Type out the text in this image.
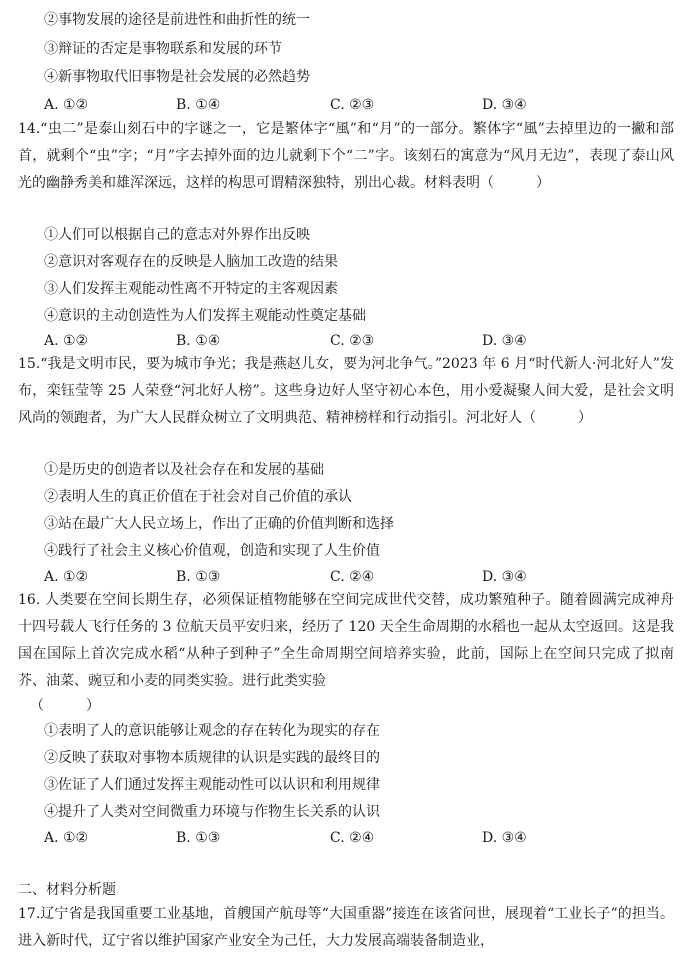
②事物发展的途径是前进性和曲折性的统一
③辩证的否定是事物联系和发展的环节
④新事物取代旧事物是社会发展的必然趋势
A. ①②	B. ①④	C. ②③	D. ③④
14.“虫二”是泰山刻石中的字谜之一，它是繁体字“風”和“月”的一部分。繁体字“風”去掉里边的一撇和部首，就剩个“虫”字；“月”字去掉外面的边儿就剩下个“二”字。该刻石的寓意为“风月无边”，表现了泰山风光的幽静秀美和雄浑深远，这样的构思可谓精深独特，别出心裁。材料表明（　　　）
①人们可以根据自己的意志对外界作出反映
②意识对客观存在的反映是人脑加工改造的结果
③人们发挥主观能动性离不开特定的主客观因素
④意识的主动创造性为人们发挥主观能动性奠定基础
A. ①②	B. ①④	C. ②③	D. ③④
15.“我是文明市民，要为城市争光；我是燕赵儿女，要为河北争气。”2023 年 6 月“时代新人·河北好人”发布，栾钰莹等 25 人荣登“河北好人榜”。这些身边好人坚守初心本色，用小爱凝聚人间大爱，是社会文明风尚的领跑者，为广大人民群众树立了文明典范、精神榜样和行动指引。河北好人（　　　）
①是历史的创造者以及社会存在和发展的基础
②表明人生的真正价值在于社会对自己价值的承认
③站在最广大人民立场上，作出了正确的价值判断和选择
④践行了社会主义核心价值观，创造和实现了人生价值
A. ①②	B. ①③	C. ②④	D. ③④
16. 人类要在空间长期生存，必须保证植物能够在空间完成世代交替，成功繁殖种子。随着圆满完成神舟十四号载人飞行任务的 3 位航天员平安归来，经历了 120 天全生命周期的水稻也一起从太空返回。这是我国在国际上首次完成水稻“从种子到种子”全生命周期空间培养实验，此前，国际上在空间只完成了拟南芥、油菜、豌豆和小麦的同类实验。进行此类实验
（　　　）
①表明了人的意识能够让观念的存在转化为现实的存在
②反映了获取对事物本质规律的认识是实践的最终目的
③佐证了人们通过发挥主观能动性可以认识和利用规律
④提升了人类对空间微重力环境与作物生长关系的认识
A. ①②	B. ①③	C. ②④	D. ③④
二、材料分析题
17.辽宁省是我国重要工业基地，首艘国产航母等“大国重器”接连在该省问世，展现着“工业长子”的担当。进入新时代，辽宁省以维护国家产业安全为己任，大力发展高端装备制造业，
